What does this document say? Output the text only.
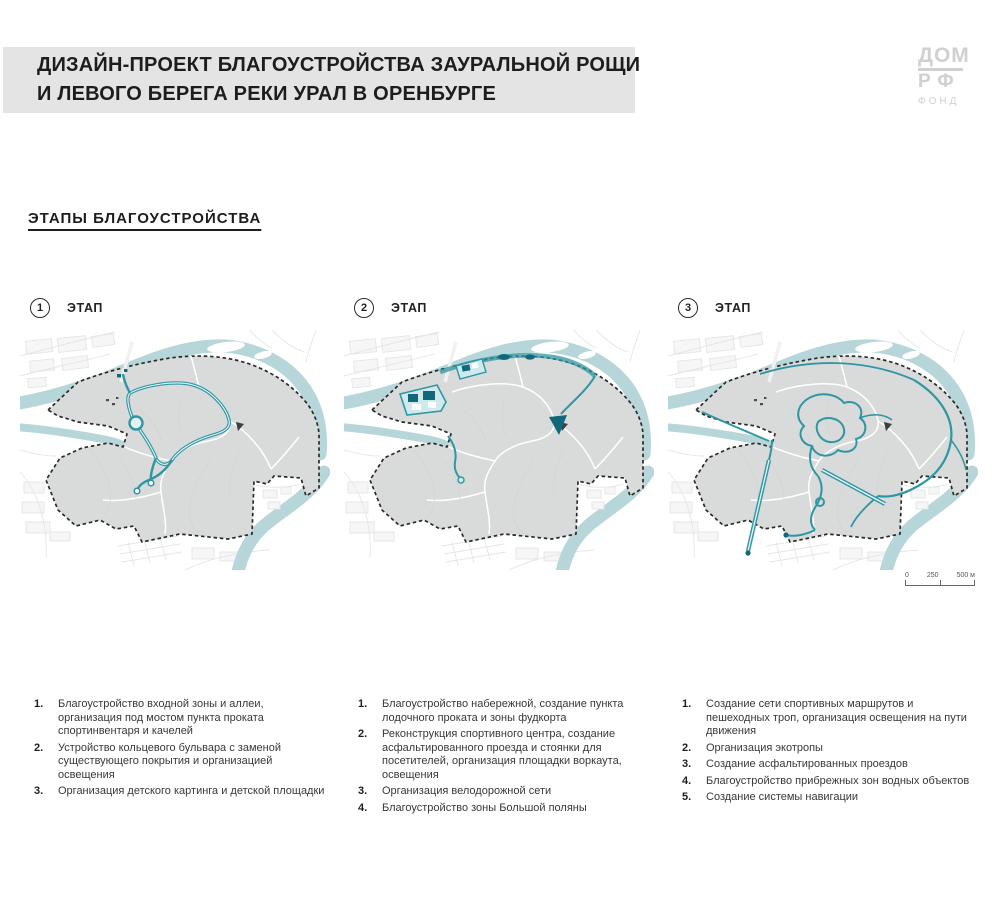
ДИЗАЙН-ПРОЕКТ БЛАГОУСТРОЙСТВА ЗАУРАЛЬНОЙ РОЩИ
И ЛЕВОГО БЕРЕГА РЕКИ УРАЛ В ОРЕНБУРГЕ
ДОМ
РФ
ФОНД
ЭТАПЫ БЛАГОУСТРОЙСТВА
1	ЭТАП
1.	Благоустройство входной зоны и аллеи, организация под мостом пункта проката спортинвентаря и качелей
2.	Устройство кольцевого бульвара с заменой существующего покрытия и организацией освещения
3.	Организация детского картинга и детской площадки
2	ЭТАП
1.	Благоустройство набережной, создание пункта лодочного проката и зоны фудкорта
2.	Реконструкция спортивного центра, создание асфальтированного проезда и стоянки для посетителей, организация площадки воркаута, освещения
3.	Организация велодорожной сети
4.	Благоустройство зоны Большой поляны
3	ЭТАП
0	250	500 м
1.	Создание сети спортивных маршрутов и пешеходных троп, организация освещения на пути движения
2.	Организация экотропы
3.	Создание асфальтированных проездов
4.	Благоустройство прибрежных зон водных объектов
5.	Создание системы навигации
